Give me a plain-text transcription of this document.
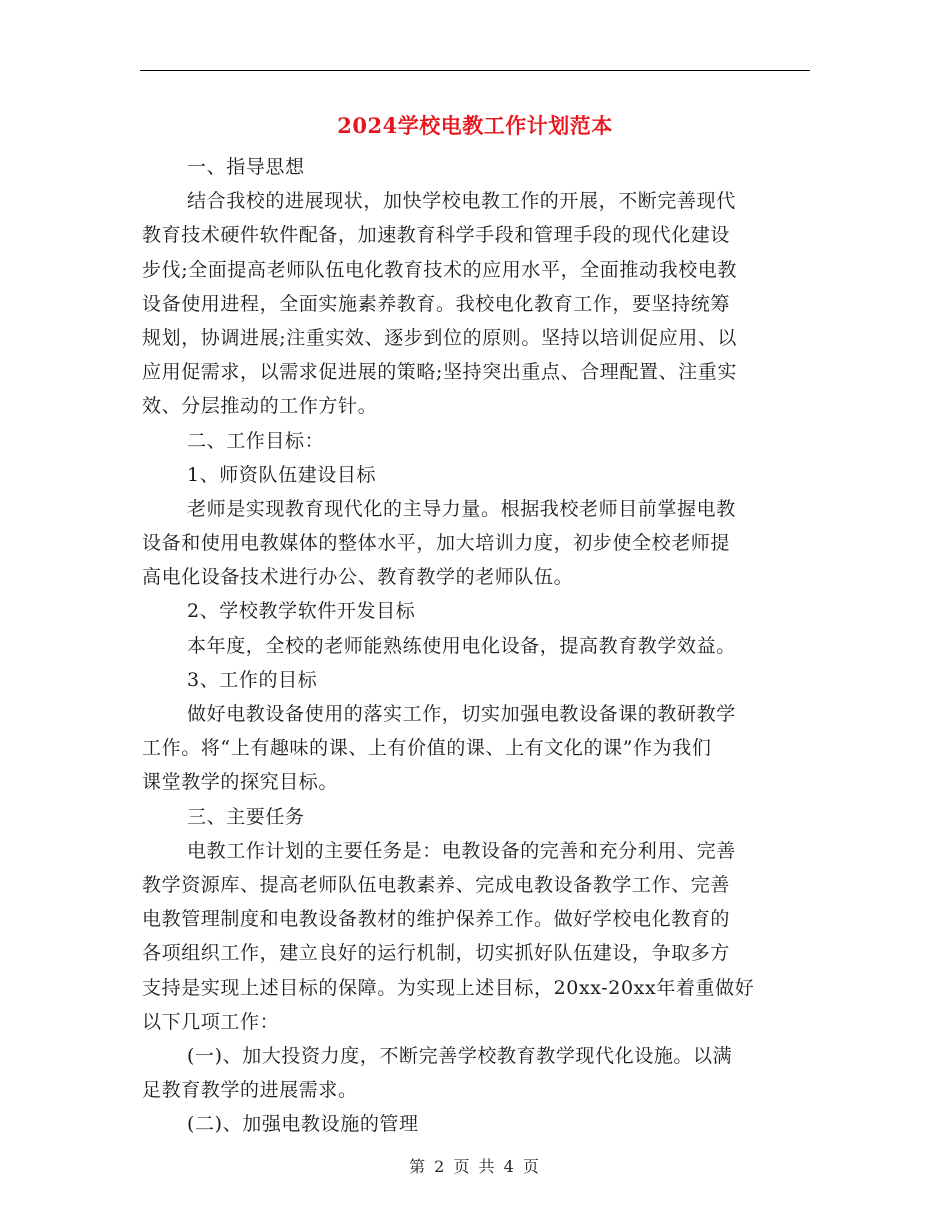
2024学校电教工作计划范本
一、指导思想
结合我校的进展现状，加快学校电教工作的开展，不断完善现代
教育技术硬件软件配备，加速教育科学手段和管理手段的现代化建设
步伐;全面提高老师队伍电化教育技术的应用水平，全面推动我校电教
设备使用进程，全面实施素养教育。我校电化教育工作，要坚持统筹
规划，协调进展;注重实效、逐步到位的原则。坚持以培训促应用、以
应用促需求，以需求促进展的策略;坚持突出重点、合理配置、注重实
效、分层推动的工作方针。
二、工作目标：
1、师资队伍建设目标
老师是实现教育现代化的主导力量。根据我校老师目前掌握电教
设备和使用电教媒体的整体水平，加大培训力度，初步使全校老师提
高电化设备技术进行办公、教育教学的老师队伍。
2、学校教学软件开发目标
本年度，全校的老师能熟练使用电化设备，提高教育教学效益。
3、工作的目标
做好电教设备使用的落实工作，切实加强电教设备课的教研教学
工作。将“上有趣味的课、上有价值的课、上有文化的课”作为我们
课堂教学的探究目标。
三、主要任务
电教工作计划的主要任务是：电教设备的完善和充分利用、完善
教学资源库、提高老师队伍电教素养、完成电教设备教学工作、完善
电教管理制度和电教设备教材的维护保养工作。做好学校电化教育的
各项组织工作，建立良好的运行机制，切实抓好队伍建设，争取多方
支持是实现上述目标的保障。为实现上述目标，20xx-20xx年着重做好
以下几项工作：
(一)、加大投资力度，不断完善学校教育教学现代化设施。以满
足教育教学的进展需求。
(二)、加强电教设施的管理
第 2 页 共 4 页
